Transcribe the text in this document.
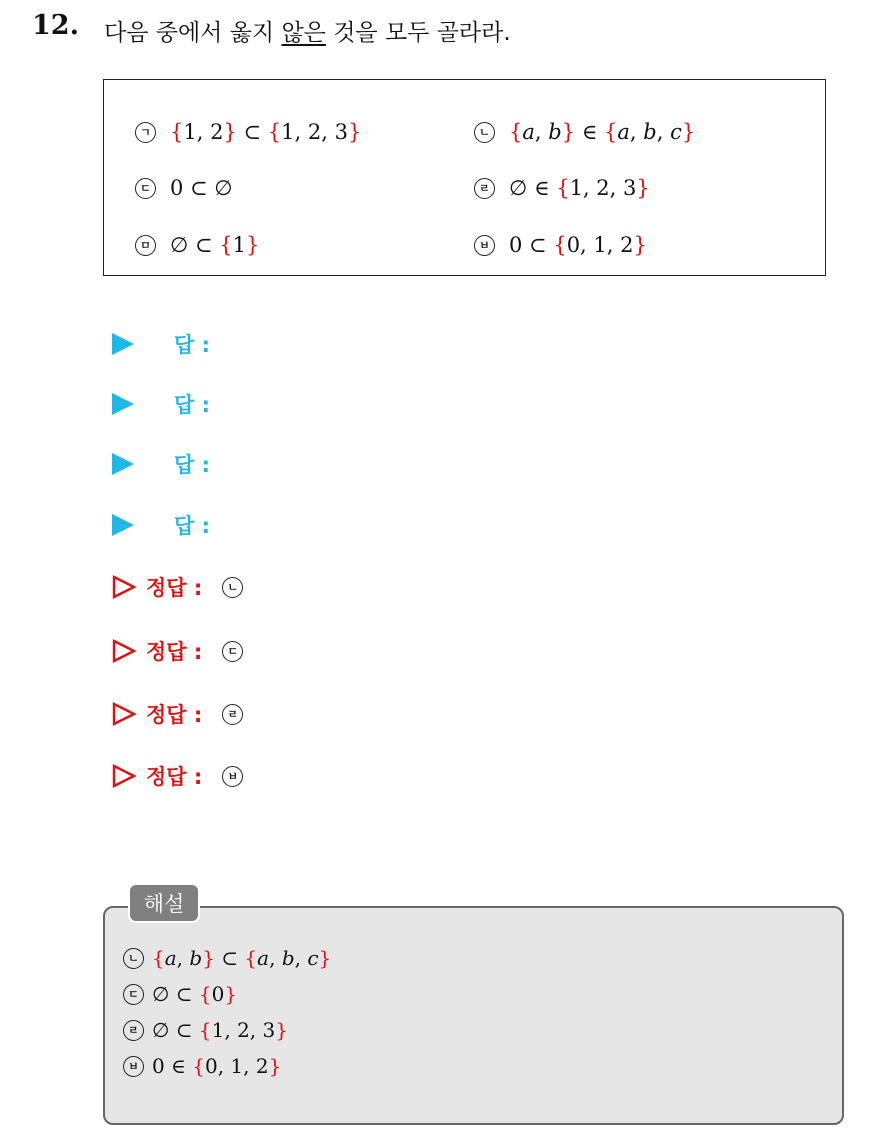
12. 다음 중에서 옳지 않은 것을 모두 골라라.
ㄱ {1, 2} ⊂ {1, 2, 3}	ㄴ {a, b} ∈ {a, b, c}
ㄷ 0 ⊂ ∅	ㄹ ∅ ∈ {1, 2, 3}
ㅁ ∅ ⊂ {1}	ㅂ 0 ⊂ {0, 1, 2}
답 :
답 :
답 :
답 :
정답 :	ㄴ
정답 :	ㄷ
정답 :	ㄹ
정답 :	ㅂ
해설
ㄴ {a, b} ⊂ {a, b, c}
ㄷ ∅ ⊂ {0}
ㄹ ∅ ⊂ {1, 2, 3}
ㅂ 0 ∈ {0, 1, 2}
